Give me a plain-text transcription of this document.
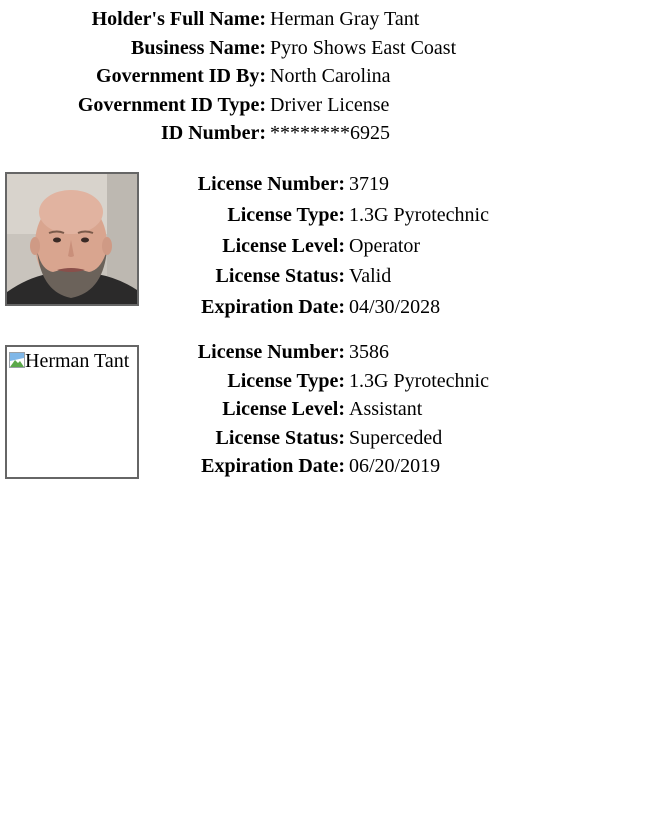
Holder's Full Name: Herman Gray Tant
Business Name: Pyro Shows East Coast
Government ID By: North Carolina
Government ID Type: Driver License
ID Number: ********6925
License Number: 3719
License Type: 1.3G Pyrotechnic
License Level: Operator
License Status: Valid
Expiration Date: 04/30/2028
Herman Tant	License Number: 3586
License Type: 1.3G Pyrotechnic
License Level: Assistant
License Status: Superceded
Expiration Date: 06/20/2019
